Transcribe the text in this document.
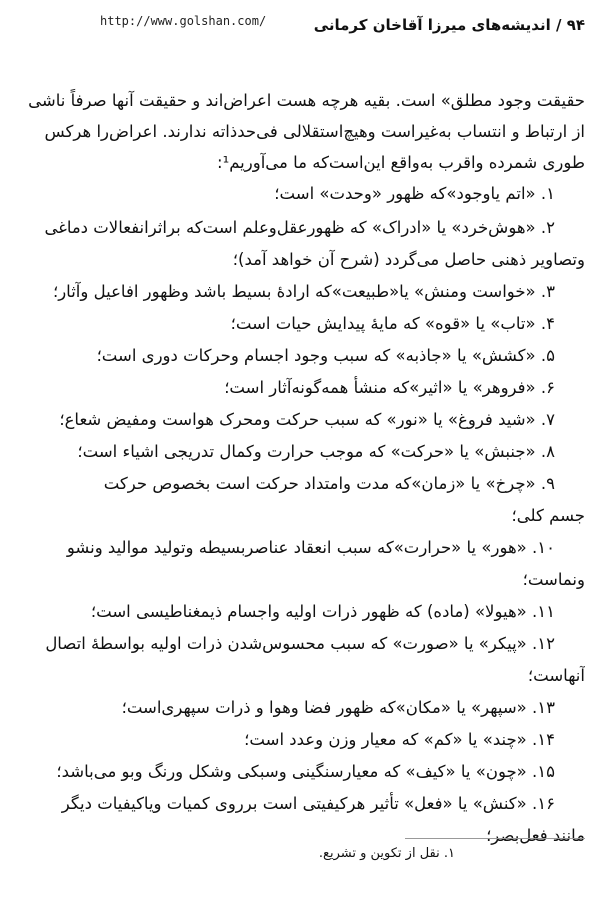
http://www.golshan.com/	۹۴ / اندیشه‌های میرزا آقاخان کرمانی
حقیقت وجود مطلق» است. بقیه هرچه هست اعراض‌اند و حقیقت آنها صرفاً ناشی
از ارتباط و انتساب به‌غیراست وهیچ‌استقلالی فی‌حدذاته ندارند. اعراض‌را هرکس
طوری شمرده واقرب به‌واقع این‌است‌که ما می‌آوریم¹:
۱. «اتم یاوجود»که ظهور «وحدت» است؛
۲. «هوش‌خرد» یا «ادراک» که ظهورعقل‌وعلم است‌که براثرانفعالات دماغی
وتصاویر ذهنی حاصل می‌گردد (شرح آن خواهد آمد)؛
۳. «خواست ومنش» یا«طبیعت»که ارادهٔ بسیط باشد وظهور افاعیل وآثار؛
۴. «تاب» یا «قوه» که مایهٔ پیدایش حیات است؛
۵. «کشش» یا «جاذبه» که سبب وجود اجسام وحرکات دوری است؛
۶. «فروهر» یا «اثیر»که منشأ همه‌گونه‌آثار است؛
۷. «شید فروغ» یا «نور» که سبب حرکت ومحرک هواست ومفیض شعاع؛
۸. «جنبش» یا «حرکت» که موجب حرارت وکمال تدریجی اشیاء است؛
۹. «چرخ» یا «زمان»که مدت وامتداد حرکت است بخصوص حرکت
جسم کلی؛
۱۰. «هور» یا «حرارت»که سبب انعقاد عناصربسیطه وتولید موالید ونشو
ونماست؛
۱۱. «هیولا» (ماده) که ظهور ذرات اولیه واجسام ذیمغناطیسی است؛
۱۲. «پیکر» یا «صورت» که سبب محسوس‌شدن ذرات اولیه بواسطهٔ اتصال
آنهاست؛
۱۳. «سپهر» یا «مکان»که ظهور فضا وهوا و ذرات سپهری‌است؛
۱۴. «چند» یا «کم» که معیار وزن وعدد است؛
۱۵. «چون» یا «کیف» که معیارسنگینی وسبکی وشکل ورنگ وبو می‌باشد؛
۱۶. «کنش» یا «فعل» تأثیر هرکیفیتی است برروی کمیات ویاکیفیات دیگر
مانند فعل‌بصر؛
۱. نقل از تکوین و تشریع.
